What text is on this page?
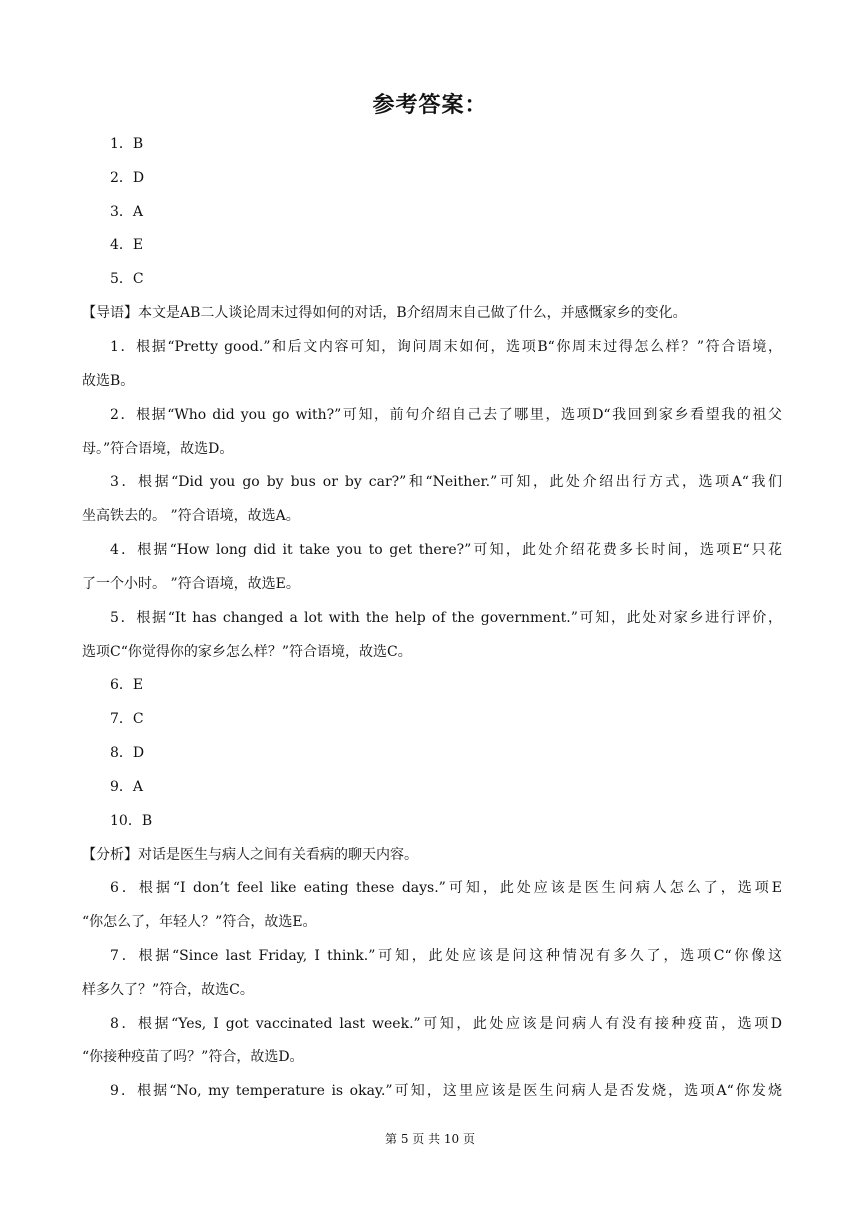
参考答案：
1．B
2．D
3．A
4．E
5．C
【导语】本文是AB二人谈论周末过得如何的对话，B介绍周末自己做了什么，并感慨家乡的变化。
1．根据“Pretty good.”和后文内容可知，询问周末如何，选项B“你周末过得怎么样？”符合语境，
故选B。
2．根据“Who did you go with?”可知，前句介绍自己去了哪里，选项D“我回到家乡看望我的祖父
母。”符合语境，故选D。
3．根据“Did you go by bus or by car?”和“Neither.”可知，此处介绍出行方式，选项A“我们
坐高铁去的。 ”符合语境，故选A。
4．根据“How long did it take you to get there?”可知，此处介绍花费多长时间，选项E“只花
了一个小时。 ”符合语境，故选E。
5．根据“It has changed a lot with the help of the government.”可知，此处对家乡进行评价，
选项C“你觉得你的家乡怎么样？”符合语境，故选C。
6．E
7．C
8．D
9．A
10．B
【分析】对话是医生与病人之间有关看病的聊天内容。
6．根据“I don’t feel like eating these days.”可知，此处应该是医生问病人怎么了，选项E
“你怎么了，年轻人？”符合，故选E。
7．根据“Since last Friday, I think.”可知，此处应该是问这种情况有多久了，选项C“你像这
样多久了？”符合，故选C。
8．根据“Yes, I got vaccinated last week.”可知，此处应该是问病人有没有接种疫苗，选项D
“你接种疫苗了吗？”符合，故选D。
9．根据“No, my temperature is okay.”可知，这里应该是医生问病人是否发烧，选项A“你发烧
第 5 页 共 10 页
